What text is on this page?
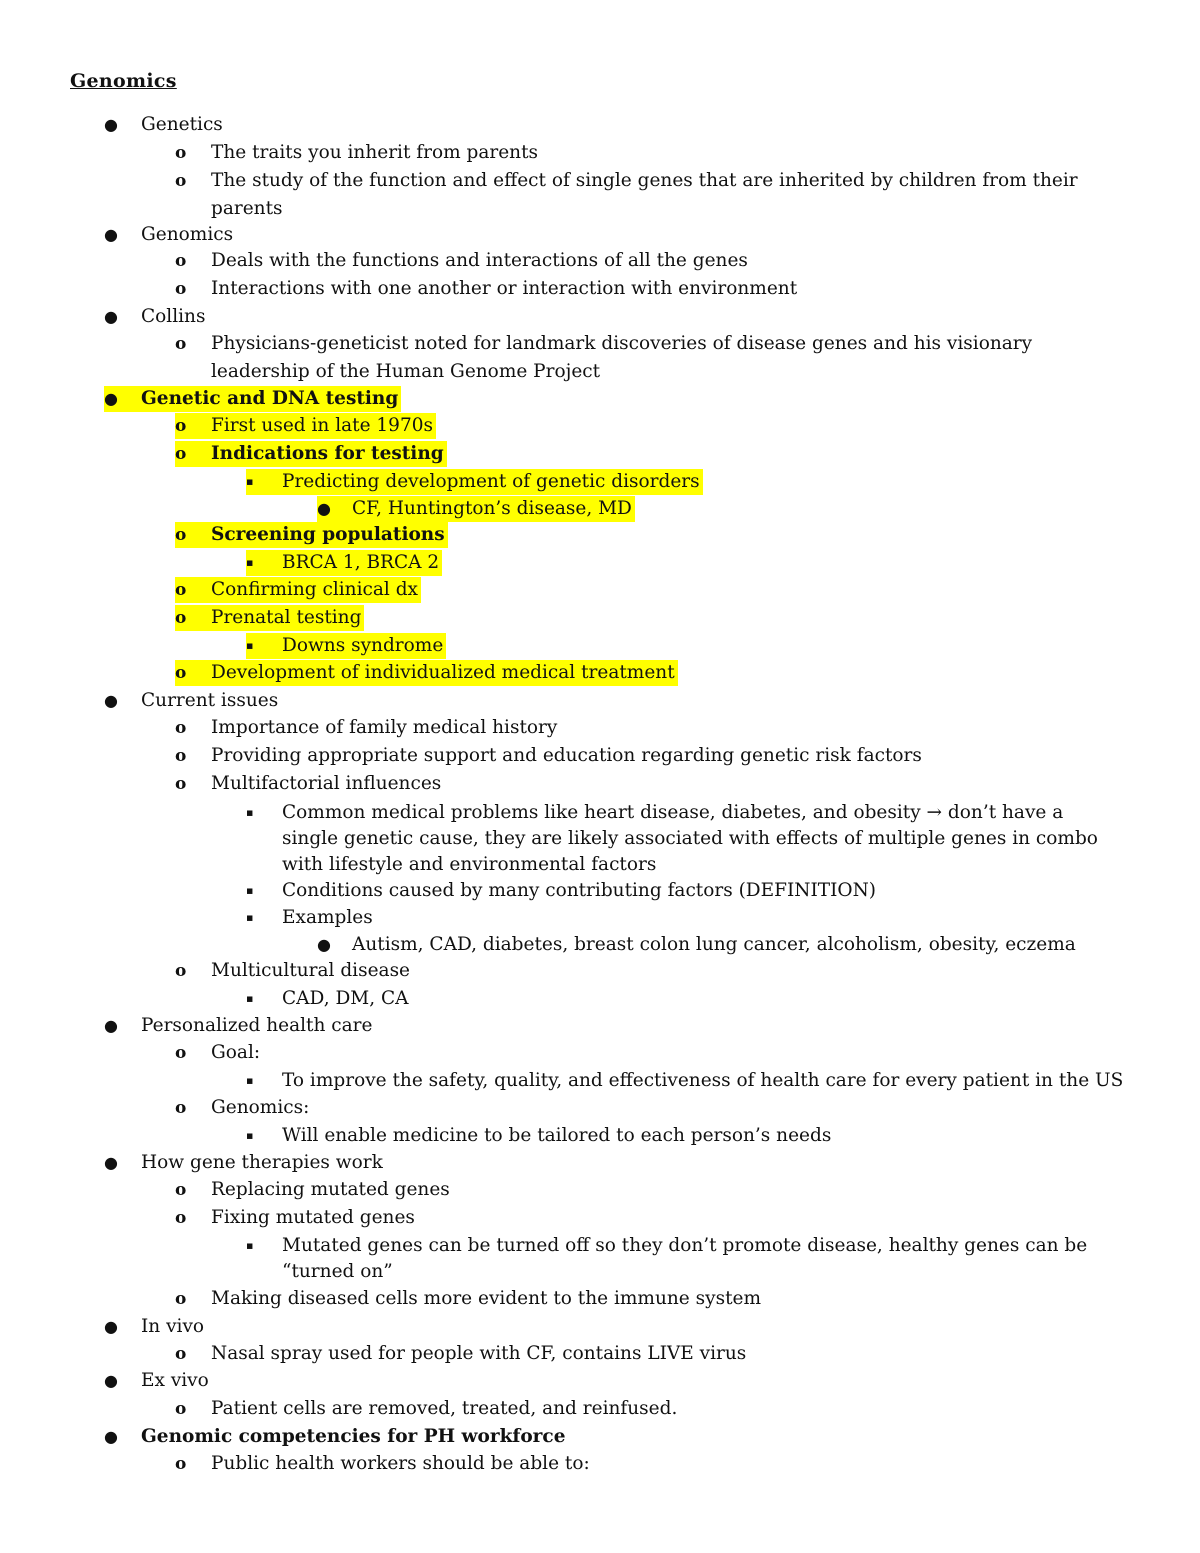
Genomics
● Genetics
o The traits you inherit from parents
o The study of the function and effect of single genes that are inherited by children from their
parents
● Genomics
o Deals with the functions and interactions of all the genes
o Interactions with one another or interaction with environment
● Collins
o Physicians-geneticist noted for landmark discoveries of disease genes and his visionary
leadership of the Human Genome Project
●	Genetic and DNA testing
o	First used in late 1970s
o	Indications for testing
▪	Predicting development of genetic disorders
●	CF, Huntington’s disease, MD
o	Screening populations
▪	BRCA 1, BRCA 2
o	Confirming clinical dx
o	Prenatal testing
▪	Downs syndrome
o	Development of individualized medical treatment
● Current issues
o Importance of family medical history
o Providing appropriate support and education regarding genetic risk factors
o Multifactorial influences
▪ Common medical problems like heart disease, diabetes, and obesity → don’t have a
single genetic cause, they are likely associated with effects of multiple genes in combo
with lifestyle and environmental factors
▪ Conditions caused by many contributing factors (DEFINITION)
▪ Examples
● Autism, CAD, diabetes, breast colon lung cancer, alcoholism, obesity, eczema
o Multicultural disease
▪ CAD, DM, CA
● Personalized health care
o Goal:
▪ To improve the safety, quality, and effectiveness of health care for every patient in the US
o Genomics:
▪ Will enable medicine to be tailored to each person’s needs
● How gene therapies work
o Replacing mutated genes
o Fixing mutated genes
▪ Mutated genes can be turned off so they don’t promote disease, healthy genes can be
“turned on”
o Making diseased cells more evident to the immune system
● In vivo
o Nasal spray used for people with CF, contains LIVE virus
● Ex vivo
o Patient cells are removed, treated, and reinfused.
● Genomic competencies for PH workforce
o Public health workers should be able to:
